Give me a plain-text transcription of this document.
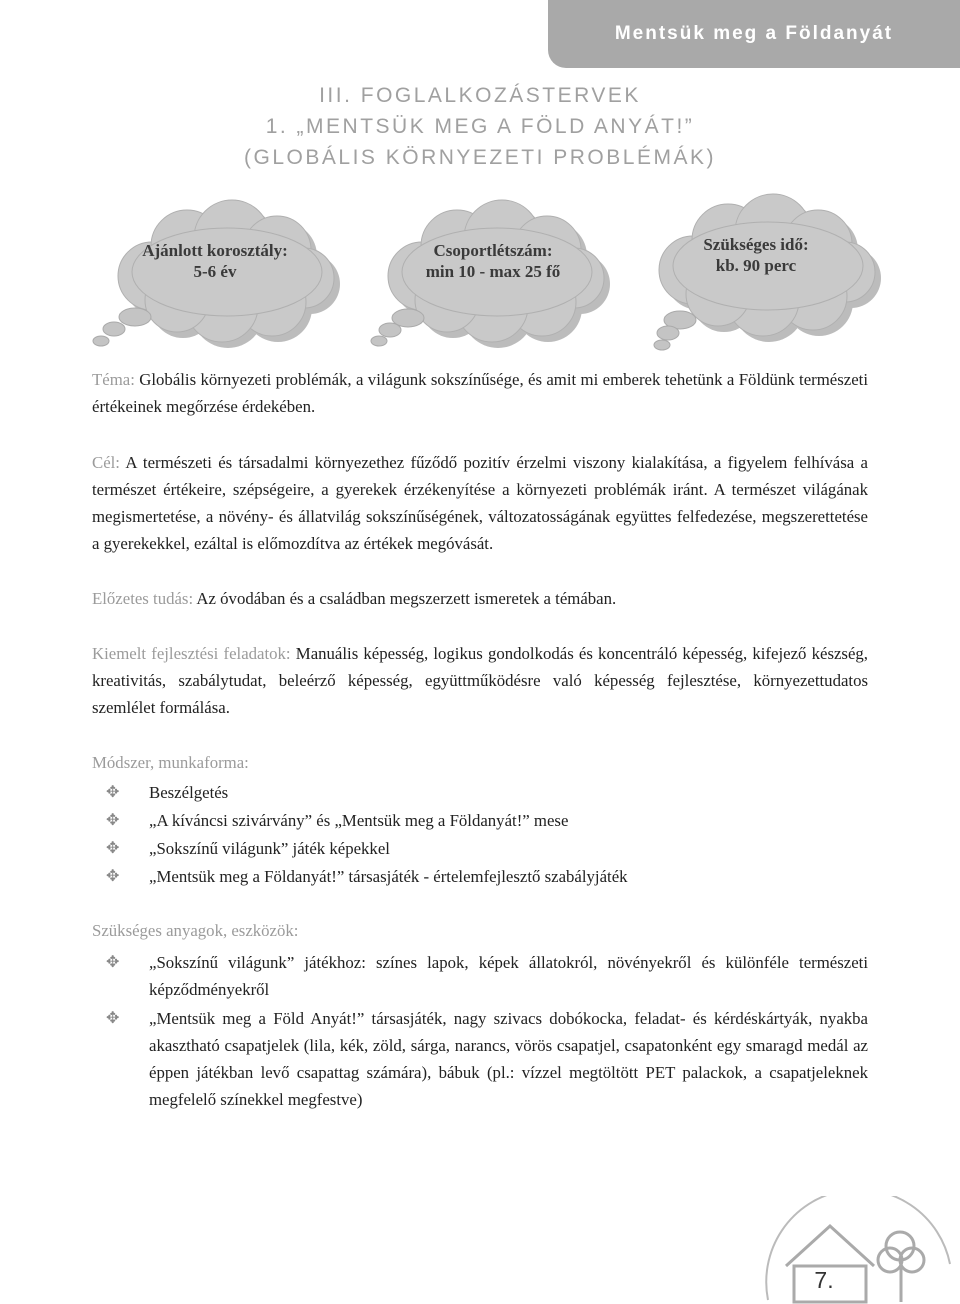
Mentsük meg a Földanyát
III. FOGLALKOZÁSTERVEK
1. „MENTSÜK MEG A FÖLD ANYÁT!”
(GLOBÁLIS KÖRNYEZETI PROBLÉMÁK)
Ajánlott korosztály:
5-6 év
Csoportlétszám:
min 10 - max 25 fő
Szükséges idő:
kb. 90 perc

Téma: Globális környezeti problémák, a világunk sokszínűsége, és amit mi emberek tehetünk a Földünk természeti értékeinek megőrzése érdekében.

Cél: A természeti és társadalmi környezethez fűződő pozitív érzelmi viszony kialakítása, a figyelem felhívása a természet értékeire, szépségeire, a gyerekek érzékenyítése a környezeti problémák iránt. A természet világának megismertetése, a növény- és állatvilág sokszínűségének, változatosságának együttes felfedezése, megszerettetése a gyerekekkel, ezáltal is előmozdítva az értékek megóvását.

Előzetes tudás: Az óvodában és a családban megszerzett ismeretek a témában.

Kiemelt fejlesztési feladatok: Manuális képesség, logikus gondolkodás és koncentráló képesség, kifejező készség, kreativitás, szabálytudat, beleérző képesség, együttműködésre való képesség fejlesztése, környezettudatos szemlélet formálása.

Módszer, munkaforma:

✥ Beszélgetés
✥ „A kíváncsi szivárvány” és „Mentsük meg a Földanyát!” mese
✥ „Sokszínű világunk” játék képekkel
✥ „Mentsük meg a Földanyát!” társasjáték - értelemfejlesztő szabályjáték

Szükséges anyagok, eszközök:

✥ „Sokszínű világunk” játékhoz: színes lapok, képek állatokról, növényekről és különféle természeti képződményekről
✥ „Mentsük meg a Föld Anyát!” társasjáték, nagy szivacs dobókocka, feladat- és kérdéskártyák, nyakba akasztható csapatjelek (lila, kék, zöld, sárga, narancs, vörös csapatjel, csapatonként egy smaragd medál az éppen játékban levő csapattag számára), bábuk (pl.: vízzel megtöltött PET palackok, a csapatjeleknek megfelelő színekkel megfestve)
7.
